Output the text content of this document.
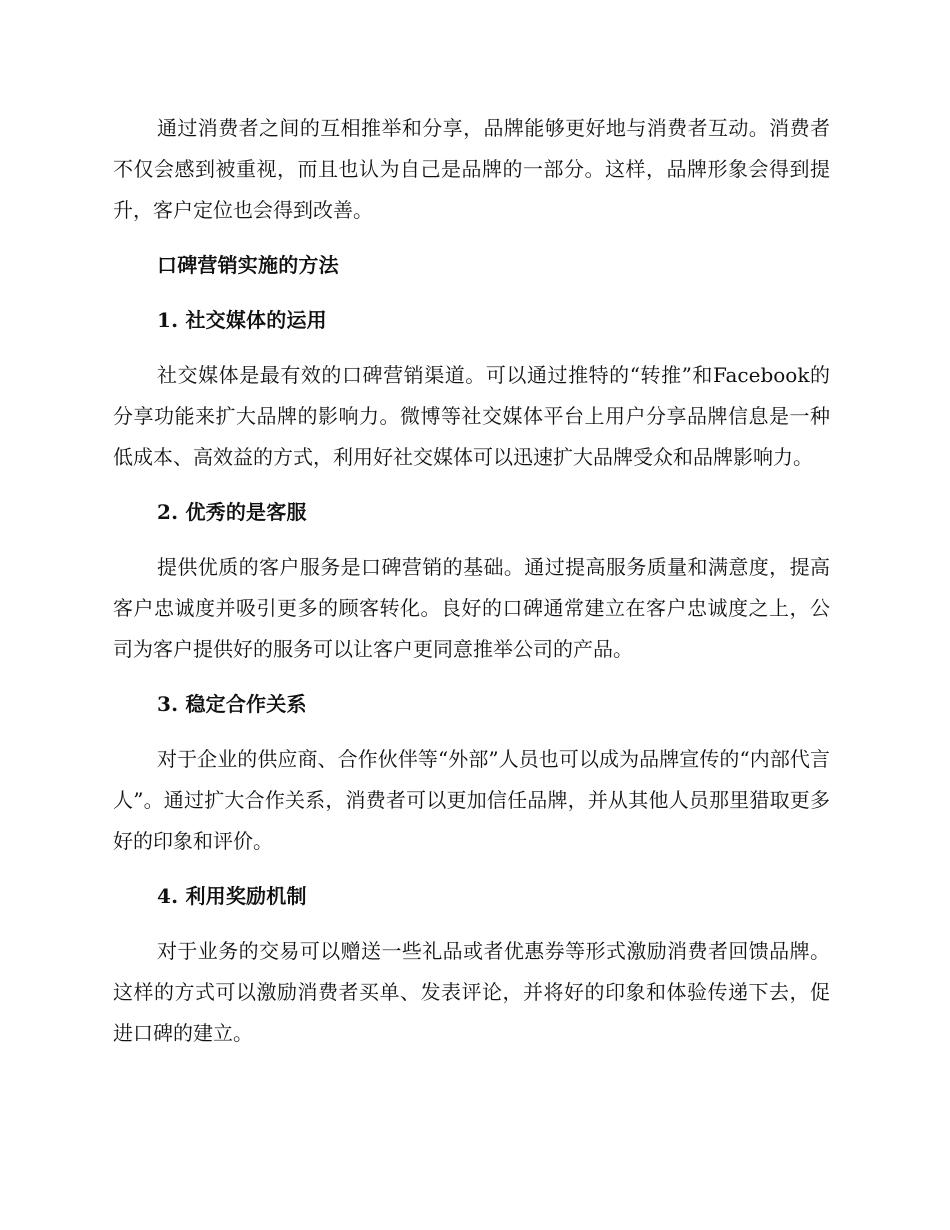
通过消费者之间的互相推举和分享，品牌能够更好地与消费者互动。消费者不仅会感到被重视，而且也认为自己是品牌的一部分。这样，品牌形象会得到提升，客户定位也会得到改善。

口碑营销实施的方法

1. 社交媒体的运用

社交媒体是最有效的口碑营销渠道。可以通过推特的“转推”和Facebook的分享功能来扩大品牌的影响力。微博等社交媒体平台上用户分享品牌信息是一种低成本、高效益的方式，利用好社交媒体可以迅速扩大品牌受众和品牌影响力。

2. 优秀的是客服

提供优质的客户服务是口碑营销的基础。通过提高服务质量和满意度，提高客户忠诚度并吸引更多的顾客转化。良好的口碑通常建立在客户忠诚度之上，公司为客户提供好的服务可以让客户更同意推举公司的产品。

3. 稳定合作关系

对于企业的供应商、合作伙伴等“外部”人员也可以成为品牌宣传的“内部代言人”。通过扩大合作关系，消费者可以更加信任品牌，并从其他人员那里猎取更多好的印象和评价。

4. 利用奖励机制

对于业务的交易可以赠送一些礼品或者优惠券等形式激励消费者回馈品牌。这样的方式可以激励消费者买单、发表评论，并将好的印象和体验传递下去，促进口碑的建立。
